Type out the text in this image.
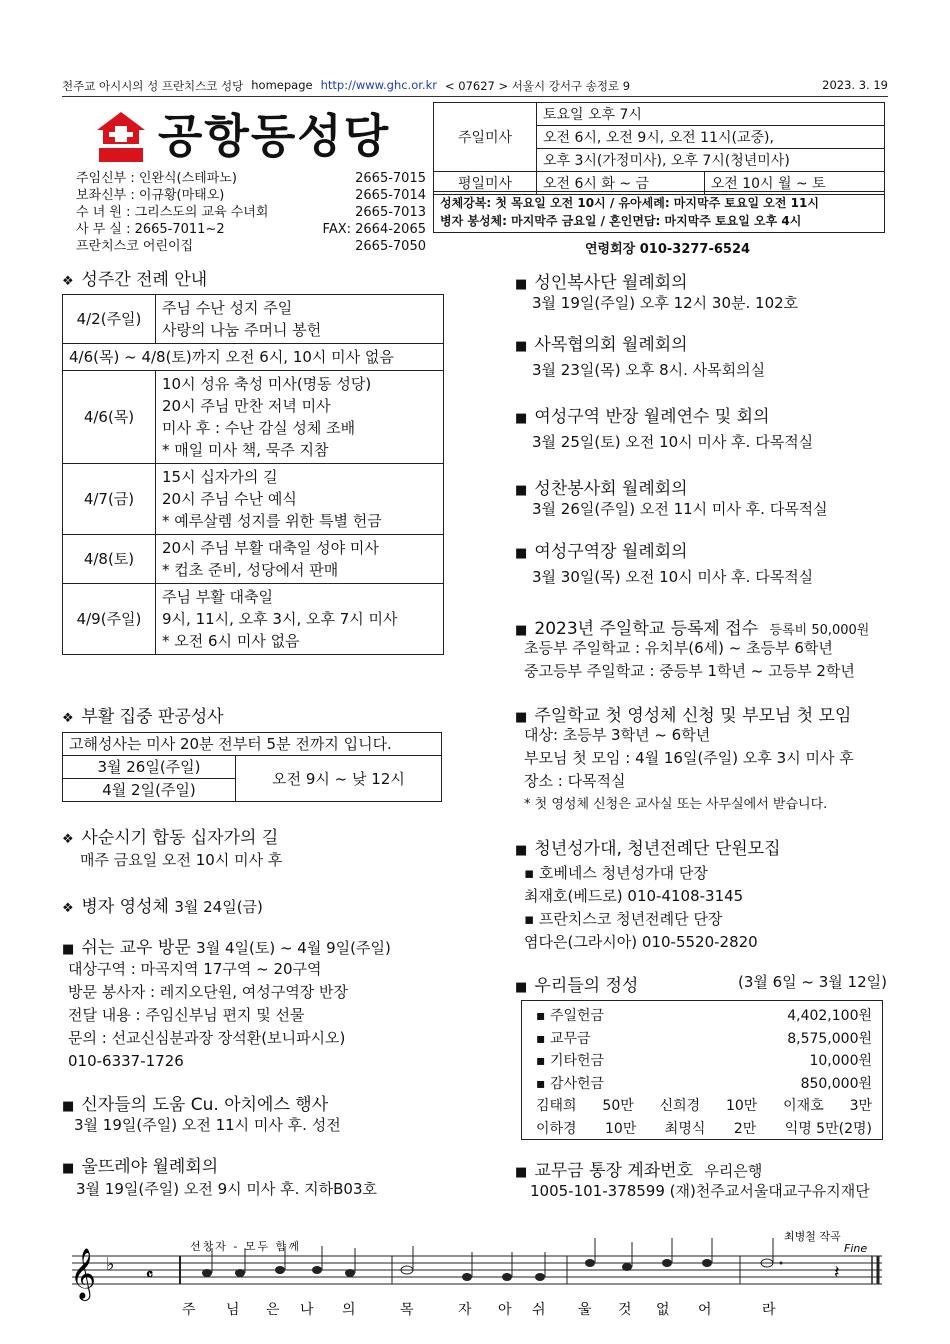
천주교 아시시의 성 프란치스코 성당 homepage http://www.ghc.or.kr < 07627 > 서울시 강서구 송정로 9	2023. 3. 19
공항동성당
주임신부 : 인완식(스테파노)	2665-7015
보좌신부 : 이규황(마태오)	2665-7014
수 녀 원 : 그리스도의 교육 수녀회	2665-7013
사 무 실 : 2665-7011~2	FAX: 2664-2065
프란치스코 어린이집	2665-7050
주일미사	토요일 오후 7시	
	오전 6시, 오전 9시, 오전 11시(교중),	
	오후 3시(가정미사), 오후 7시(청년미사)	
평일미사	오전 6시 화 ~ 금	오전 10시 월 ~ 토
성체강복: 첫 목요일 오전 10시 / 유아세례: 마지막주 토요일 오전 11시
병자 봉성체: 마지막주 금요일 / 혼인면담: 마지막주 토요일 오후 4시
연령회장 010-3277-6524
❖ 성주간 전례 안내
4/2(주일)	주님 수난 성지 주일
사랑의 나눔 주머니 봉헌

4/6(목) ~ 4/8(토)까지 오전 6시, 10시 미사 없음	
4/6(목)	10시 성유 축성 미사(명동 성당)
20시 주님 만찬 저녁 미사
미사 후 : 수난 감실 성체 조배
* 매일 미사 책, 묵주 지참

4/7(금)	15시 십자가의 길
20시 주님 수난 예식
* 예루살렘 성지를 위한 특별 헌금

4/8(토)	20시 주님 부활 대축일 성야 미사
* 컵초 준비, 성당에서 판매

4/9(주일)	주님 부활 대축일
9시, 11시, 오후 3시, 오후 7시 미사
* 오전 6시 미사 없음
❖ 부활 집중 판공성사
고해성사는 미사 20분 전부터 5분 전까지 입니다.
3월 26일(주일)	오전 9시 ~ 낮 12시
4월 2일(주일)
❖ 사순시기 합동 십자가의 길
매주 금요일 오전 10시 미사 후
❖ 병자 영성체 3월 24일(금)
■ 쉬는 교우 방문 3월 4일(토) ~ 4월 9일(주일)
대상구역 : 마곡지역 17구역 ~ 20구역
방문 봉사자 : 레지오단원, 여성구역장 반장
전달 내용 : 주임신부님 편지 및 선물
문의 : 선교신심분과장 장석환(보니파시오)
010-6337-1726
■ 신자들의 도움 Cu. 아치에스 행사
3월 19일(주일) 오전 11시 미사 후. 성전
■ 울뜨레야 월례회의
3월 19일(주일) 오전 9시 미사 후. 지하B03호
■ 성인복사단 월례회의
3월 19일(주일) 오후 12시 30분. 102호
■ 사목협의회 월례회의
3월 23일(목) 오후 8시. 사목회의실
■ 여성구역 반장 월례연수 및 회의
3월 25일(토) 오전 10시 미사 후. 다목적실
■ 성찬봉사회 월례회의
3월 26일(주일) 오전 11시 미사 후. 다목적실
■ 여성구역장 월례회의
3월 30일(목) 오전 10시 미사 후. 다목적실
■ 2023년 주일학교 등록제 접수 등록비 50,000원
초등부 주일학교 : 유치부(6세) ~ 초등부 6학년
중고등부 주일학교 : 중등부 1학년 ~ 고등부 2학년
■ 주일학교 첫 영성체 신청 및 부모님 첫 모임
대상: 초등부 3학년 ~ 6학년
부모님 첫 모임 : 4월 16일(주일) 오후 3시 미사 후
장소 : 다목적실
* 첫 영성체 신청은 교사실 또는 사무실에서 받습니다.
■ 청년성가대, 청년전례단 단원모집
▪ 호베네스 청년성가대 단장
최재호(베드로) 010-4108-3145
▪ 프란치스코 청년전례단 단장
염다은(그라시아) 010-5520-2820
■ 우리들의 정성	(3월 6일 ~ 3월 12일)
▪ 주일헌금	4,402,100원
▪ 교무금	8,575,000원
▪ 기타헌금	10,000원
▪ 감사헌금	850,000원
김태희 50만 신희경 10만 이재호 3만
이하경 10만 최명식 2만 익명 5만(2명)
■ 교무금 통장 계좌번호 우리은행
1005-101-378599 (재)천주교서울대교구유지재단
𝄞 ♭ 𝄴	𝄽
선창자 - 모두 함께
최병철 작곡
Fine
주 님 은 나 의	목	자 아 쉬 울 것 없 어	라
